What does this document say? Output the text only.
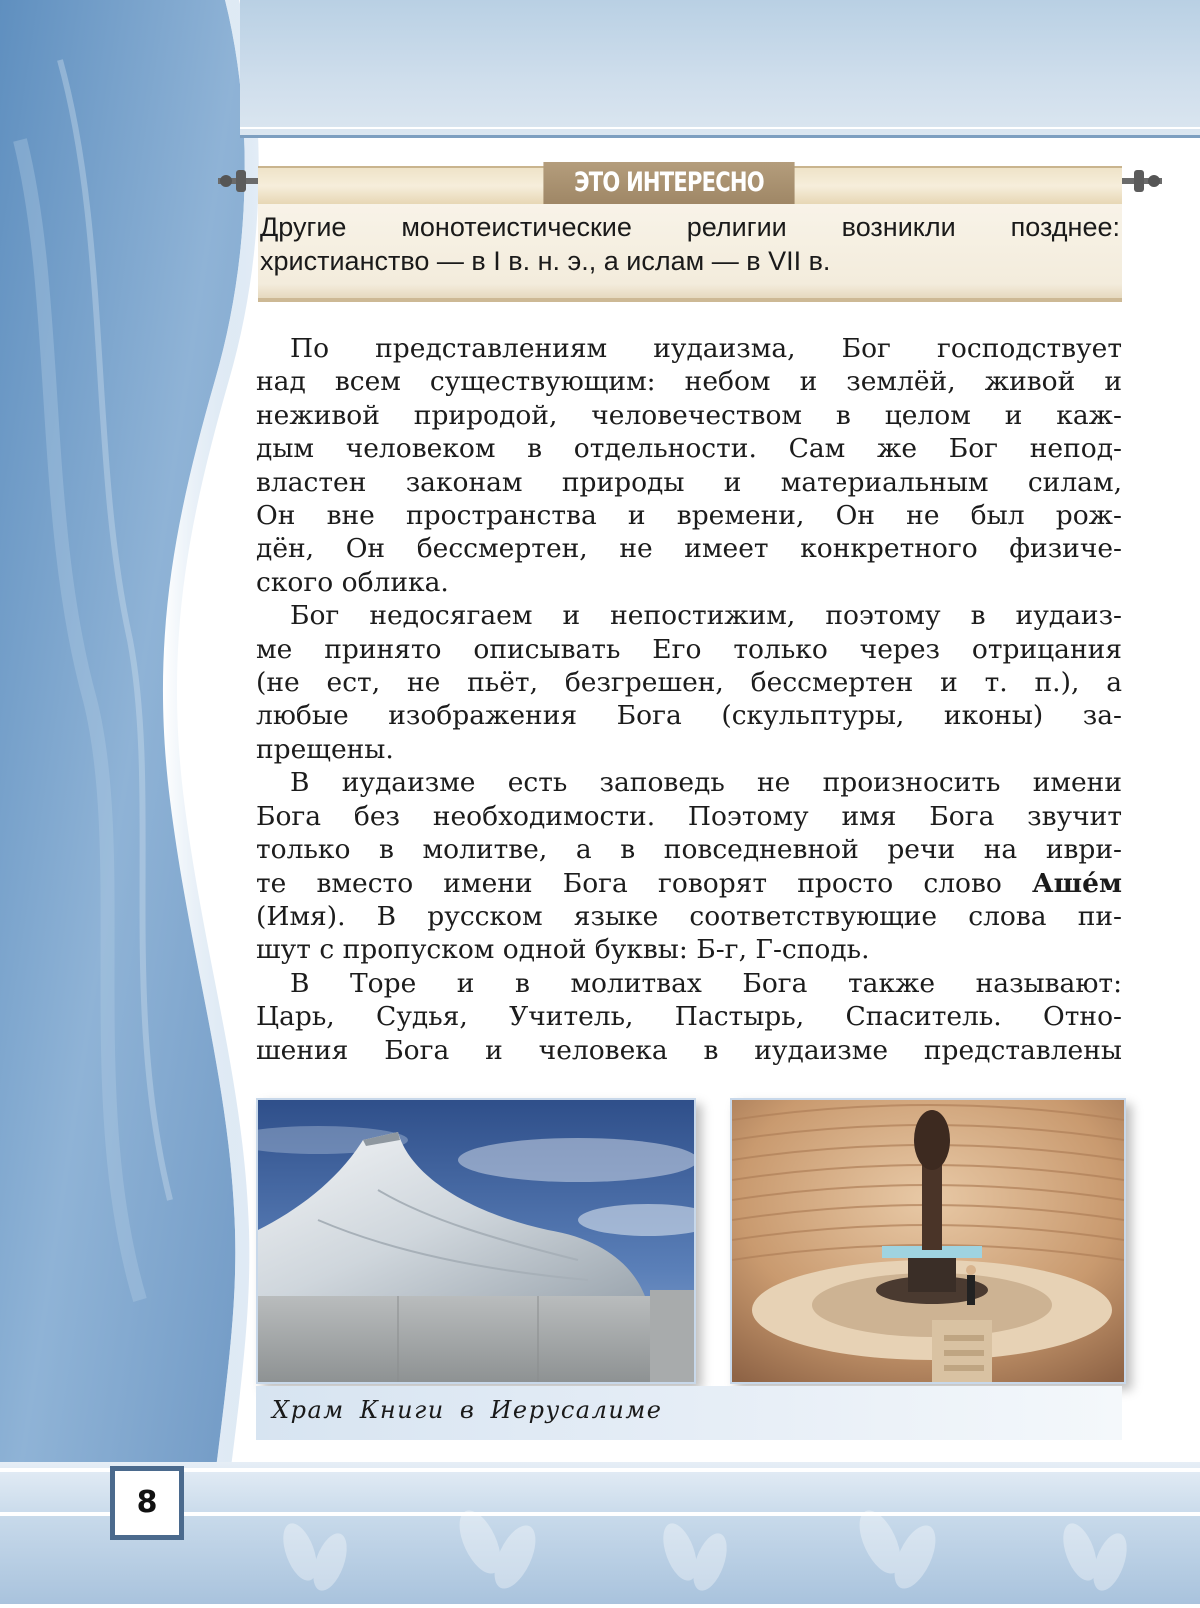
ЭТО ИНТЕРЕСНО

Другие монотеистические религии возникли позднее:
христианство — в I в. н. э., а ислам — в VII в.

По представлениям иудаизма, Бог господствует
над всем существующим: небом и землёй, живой и
неживой природой, человечеством в целом и каж-
дым человеком в отдельности. Сам же Бог непод-
властен законам природы и материальным силам,
Он вне пространства и времени, Он не был рож-
дён, Он бессмертен, не имеет конкретного физиче-
ского облика.
Бог недосягаем и непостижим, поэтому в иудаиз-
ме принято описывать Его только через отрицания
(не ест, не пьёт, безгрешен, бессмертен и т. п.), а
любые изображения Бога (скульптуры, иконы) за-
прещены.
В иудаизме есть заповедь не произносить имени
Бога без необходимости. Поэтому имя Бога звучит
только в молитве, а в повседневной речи на иври-
те вместо имени Бога говорят просто слово Ашéм
(Имя). В русском языке соответствующие слова пи-
шут с пропуском одной буквы: Б-г, Г-сподь.
В Торе и в молитвах Бога также называют:
Царь, Судья, Учитель, Пастырь, Спаситель. Отно-
шения Бога и человека в иудаизме представлены
Храм Книги в Иерусалиме
8
